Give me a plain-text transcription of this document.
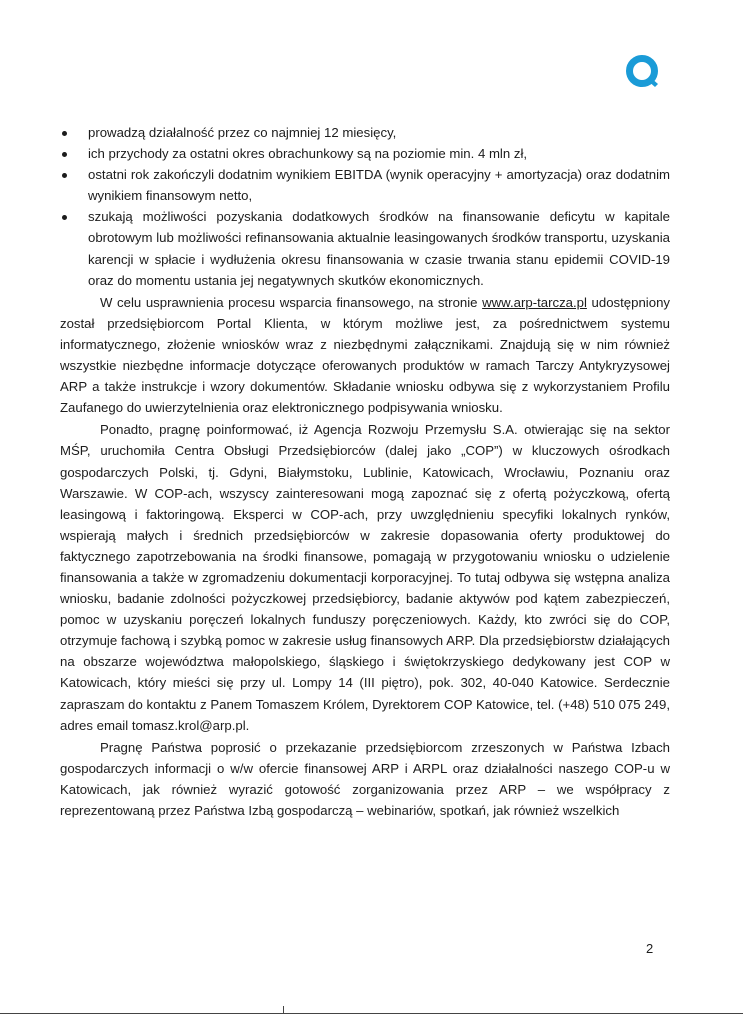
prowadzą działalność przez co najmniej 12 miesięcy,
ich przychody za ostatni okres obrachunkowy są na poziomie min. 4 mln zł,
ostatni rok zakończyli dodatnim wynikiem EBITDA (wynik operacyjny + amortyzacja) oraz dodatnim wynikiem finansowym netto,
szukają możliwości pozyskania dodatkowych środków na finansowanie deficytu w kapitale obrotowym lub możliwości refinansowania aktualnie leasingowanych środków transportu, uzyskania karencji w spłacie i wydłużenia okresu finansowania w czasie trwania stanu epidemii COVID-19 oraz do momentu ustania jej negatywnych skutków ekonomicznych.

W celu usprawnienia procesu wsparcia finansowego, na stronie www.arp-tarcza.pl udostępniony został przedsiębiorcom Portal Klienta, w którym możliwe jest, za pośrednictwem systemu informatycznego, złożenie wniosków wraz z niezbędnymi załącznikami. Znajdują się w nim również wszystkie niezbędne informacje dotyczące oferowanych produktów w ramach Tarczy Antykryzysowej ARP a także instrukcje i wzory dokumentów. Składanie wniosku odbywa się z wykorzystaniem Profilu Zaufanego do uwierzytelnienia oraz elektronicznego podpisywania wniosku.

Ponadto, pragnę poinformować, iż Agencja Rozwoju Przemysłu S.A. otwierając się na sektor MŚP, uruchomiła Centra Obsługi Przedsiębiorców (dalej jako „COP”) w kluczowych ośrodkach gospodarczych Polski, tj. Gdyni, Białymstoku, Lublinie, Katowicach, Wrocławiu, Poznaniu oraz Warszawie. W COP-ach, wszyscy zainteresowani mogą zapoznać się z ofertą pożyczkową, ofertą leasingową i faktoringową. Eksperci w COP-ach, przy uwzględnieniu specyfiki lokalnych rynków, wspierają małych i średnich przedsiębiorców w zakresie dopasowania oferty produktowej do faktycznego zapotrzebowania na środki finansowe, pomagają w przygotowaniu wniosku o udzielenie finansowania a także w zgromadzeniu dokumentacji korporacyjnej. To tutaj odbywa się wstępna analiza wniosku, badanie zdolności pożyczkowej przedsiębiorcy, badanie aktywów pod kątem zabezpieczeń, pomoc w uzyskaniu poręczeń lokalnych funduszy poręczeniowych. Każdy, kto zwróci się do COP, otrzymuje fachową i szybką pomoc w zakresie usług finansowych ARP. Dla przedsiębiorstw działających na obszarze województwa małopolskiego, śląskiego i świętokrzyskiego dedykowany jest COP w Katowicach, który mieści się przy ul. Lompy 14 (III piętro), pok. 302, 40-040 Katowice. Serdecznie zapraszam do kontaktu z Panem Tomaszem Królem, Dyrektorem COP Katowice, tel. (+48) 510 075 249, adres email tomasz.krol@arp.pl.

Pragnę Państwa poprosić o przekazanie przedsiębiorcom zrzeszonych w Państwa Izbach gospodarczych informacji o w/w ofercie finansowej ARP i ARPL oraz działalności naszego COP-u w Katowicach, jak również wyrazić gotowość zorganizowania przez ARP – we współpracy z reprezentowaną przez Państwa Izbą gospodarczą – webinariów, spotkań, jak również wszelkich

2
